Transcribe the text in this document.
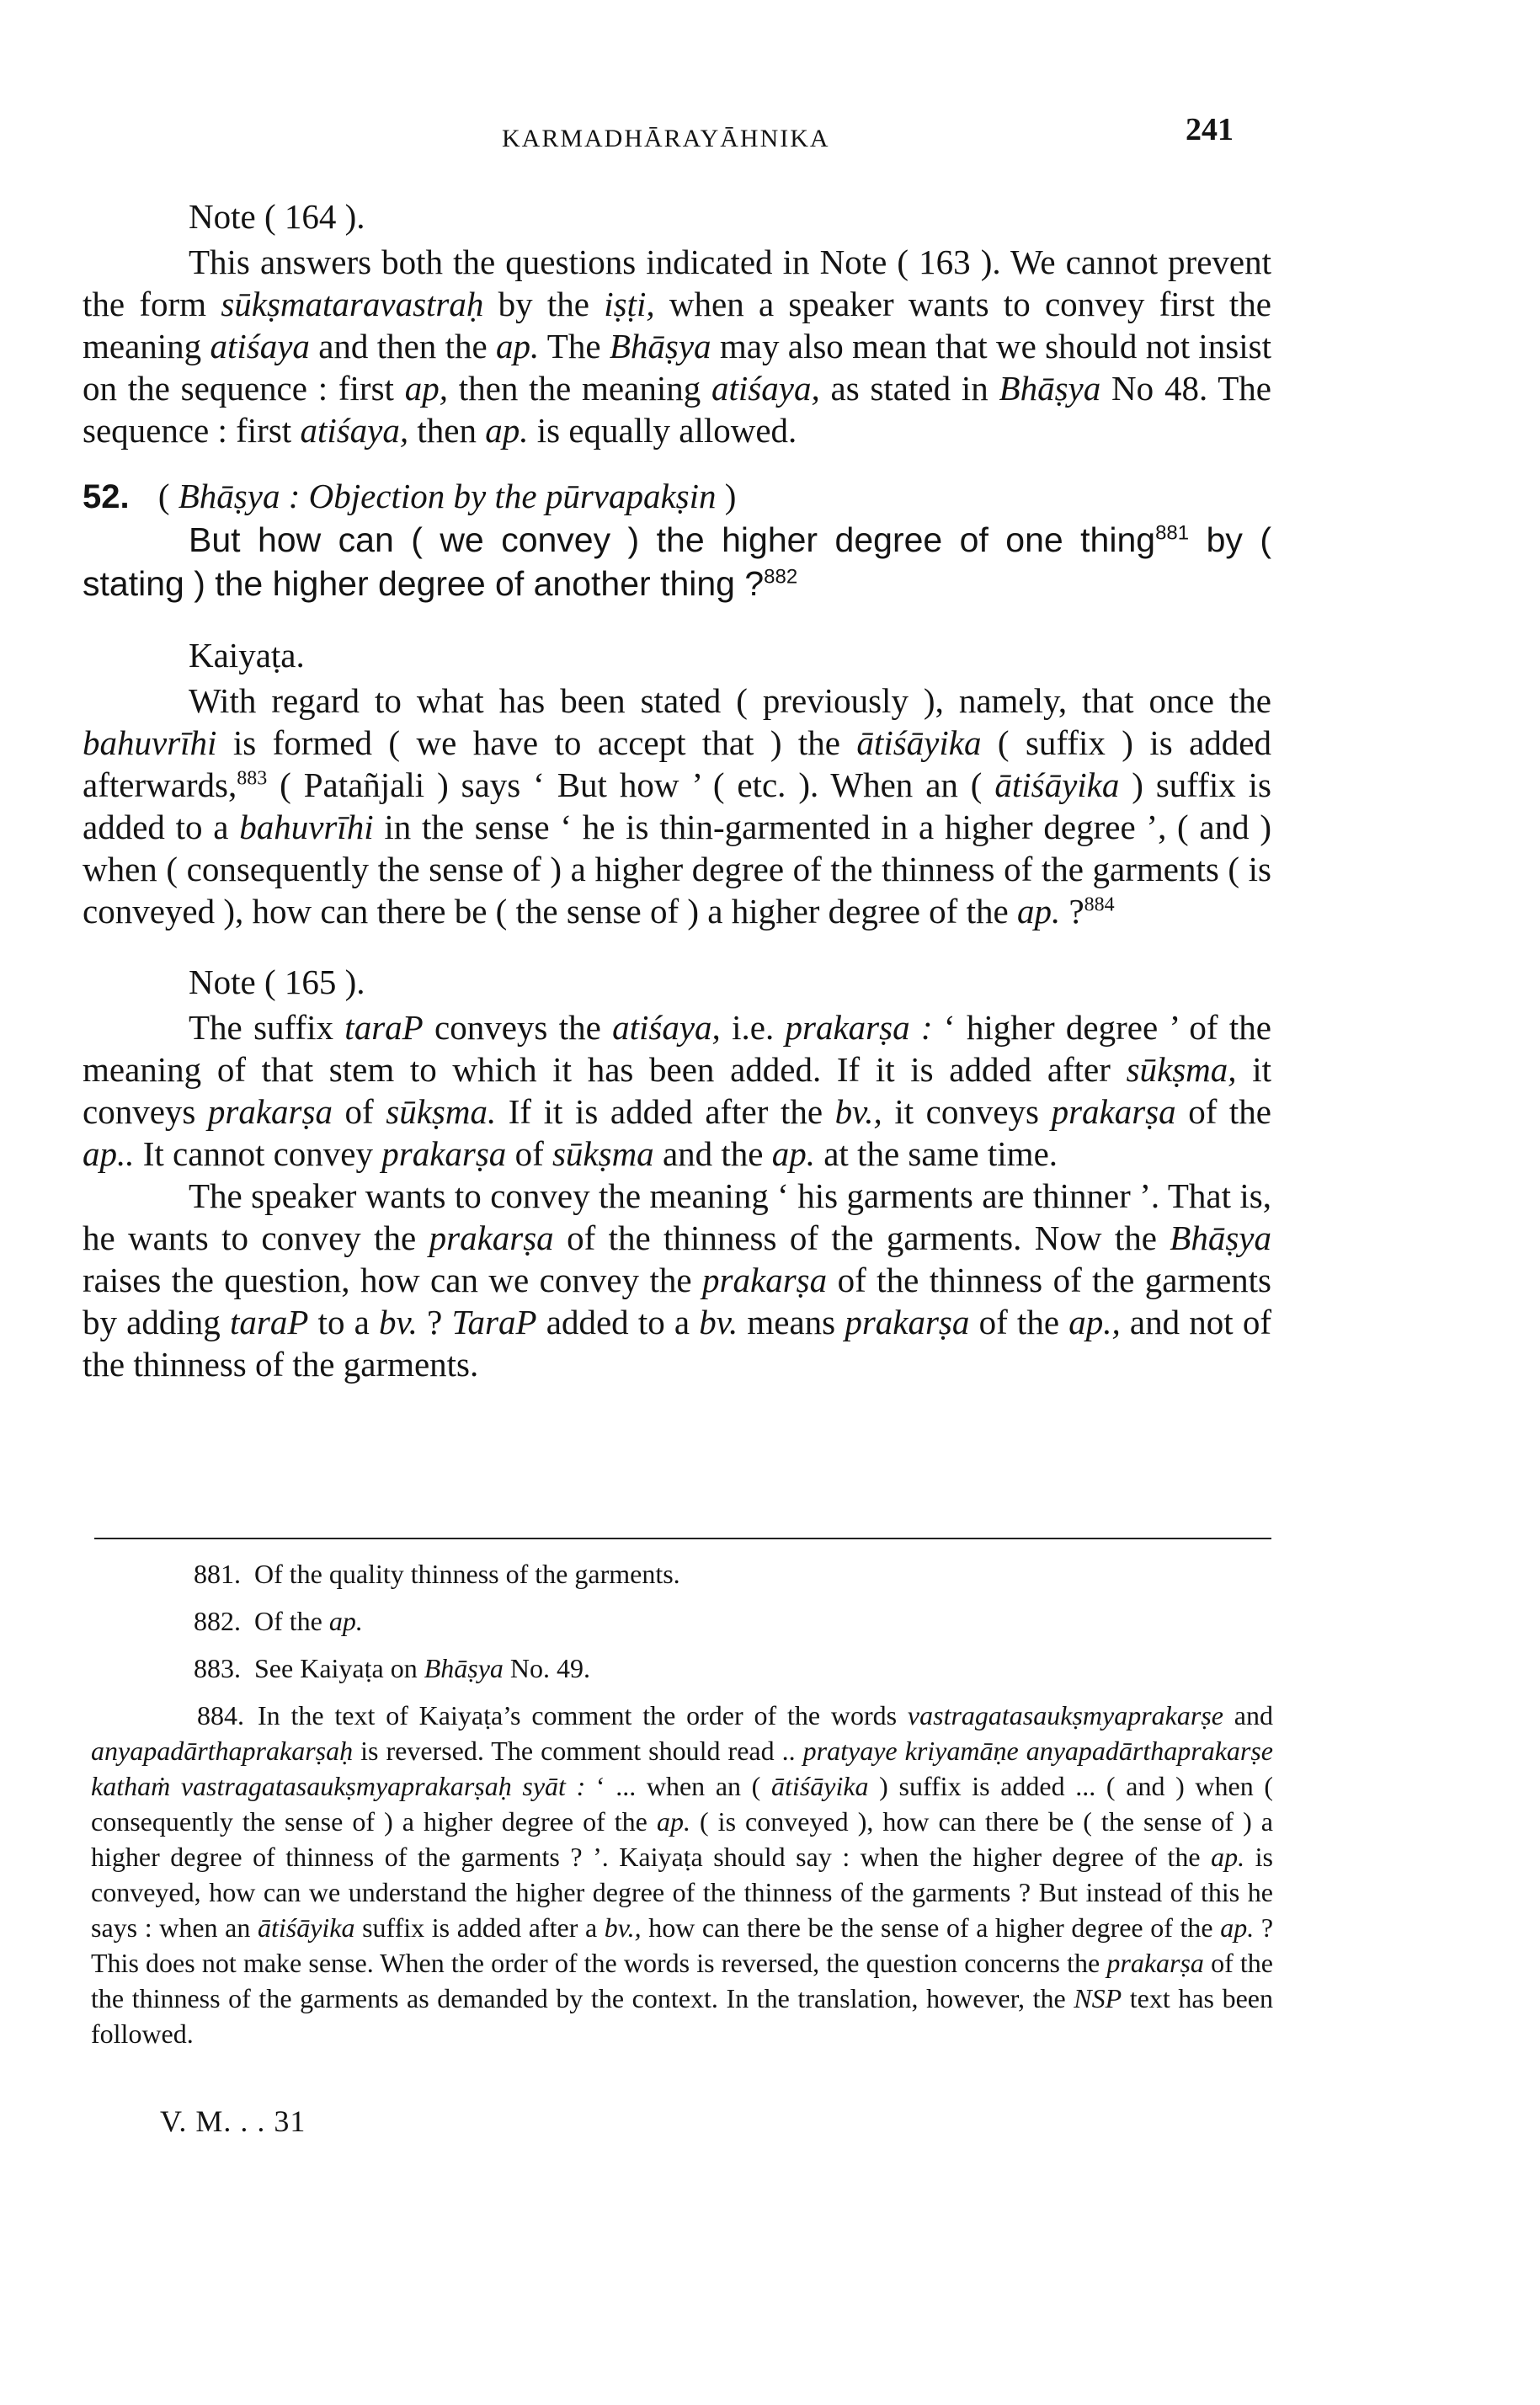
KARMADHĀRAYĀHNIKA	241
Note ( 164 ).

This answers both the questions indicated in Note ( 163 ). We cannot prevent the form sūkṣmataravastraḥ by the iṣṭi, when a speaker wants to convey first the meaning atiśaya and then the ap. The Bhāṣya may also mean that we should not insist on the sequence : first ap, then the meaning atiśaya, as stated in Bhāṣya No 48. The sequence : first atiśaya, then ap. is equally allowed.

52. ( Bhāṣya : Objection by the pūrvapakṣin )

But how can ( we convey ) the higher degree of one thing$^{881}$ by ( stating ) the higher degree of another thing ?$^{882}$

Kaiyaṭa.

With regard to what has been stated ( previously ), namely, that once the bahuvrīhi is formed ( we have to accept that ) the ātiśāyika ( suffix ) is added afterwards,$^{883}$ ( Patañjali ) says ‘ But how ’ ( etc. ). When an ( ātiśāyika ) suffix is added to a bahuvrīhi in the sense ‘ he is thin-garmented in a higher degree ’, ( and ) when ( consequently the sense of ) a higher degree of the thinness of the garments ( is conveyed ), how can there be ( the sense of ) a higher degree of the ap. ?$^{884}$

Note ( 165 ).

The suffix taraP conveys the atiśaya, i.e. prakarṣa : ‘ higher degree ’ of the meaning of that stem to which it has been added. If it is added after sūkṣma, it conveys prakarṣa of sūkṣma. If it is added after the bv., it conveys prakarṣa of the ap.. It cannot convey prakarṣa of sūkṣma and the ap. at the same time.

The speaker wants to convey the meaning ‘ his garments are thinner ’. That is, he wants to convey the prakarṣa of the thinness of the garments. Now the Bhāṣya raises the question, how can we convey the prakarṣa of the thinness of the garments by adding taraP to a bv. ? TaraP added to a bv. means prakarṣa of the ap., and not of the thinness of the garments.

881. Of the quality thinness of the garments.

882. Of the ap.

883. See Kaiyaṭa on Bhāṣya No. 49.

884. In the text of Kaiyaṭa’s comment the order of the words vastragatasaukṣmyaprakarṣe and anyapadārthaprakarṣaḥ is reversed. The comment should read .. pratyaye kriyamāṇe anyapadārthaprakarṣe kathaṁ vastragatasaukṣmyaprakarṣaḥ syāt : ‘ ... when an ( ātiśāyika ) suffix is added ... ( and ) when ( consequently the sense of ) a higher degree of the ap. ( is conveyed ), how can there be ( the sense of ) a higher degree of thinness of the garments ? ’. Kaiyaṭa should say : when the higher degree of the ap. is conveyed, how can we understand the higher degree of the thinness of the garments ? But instead of this he says : when an ātiśāyika suffix is added after a bv., how can there be the sense of a higher degree of the ap. ? This does not make sense. When the order of the words is reversed, the question concerns the prakarṣa of the the thinness of the garments as demanded by the context. In the translation, however, the NSP text has been followed.

V. M. . . 31
